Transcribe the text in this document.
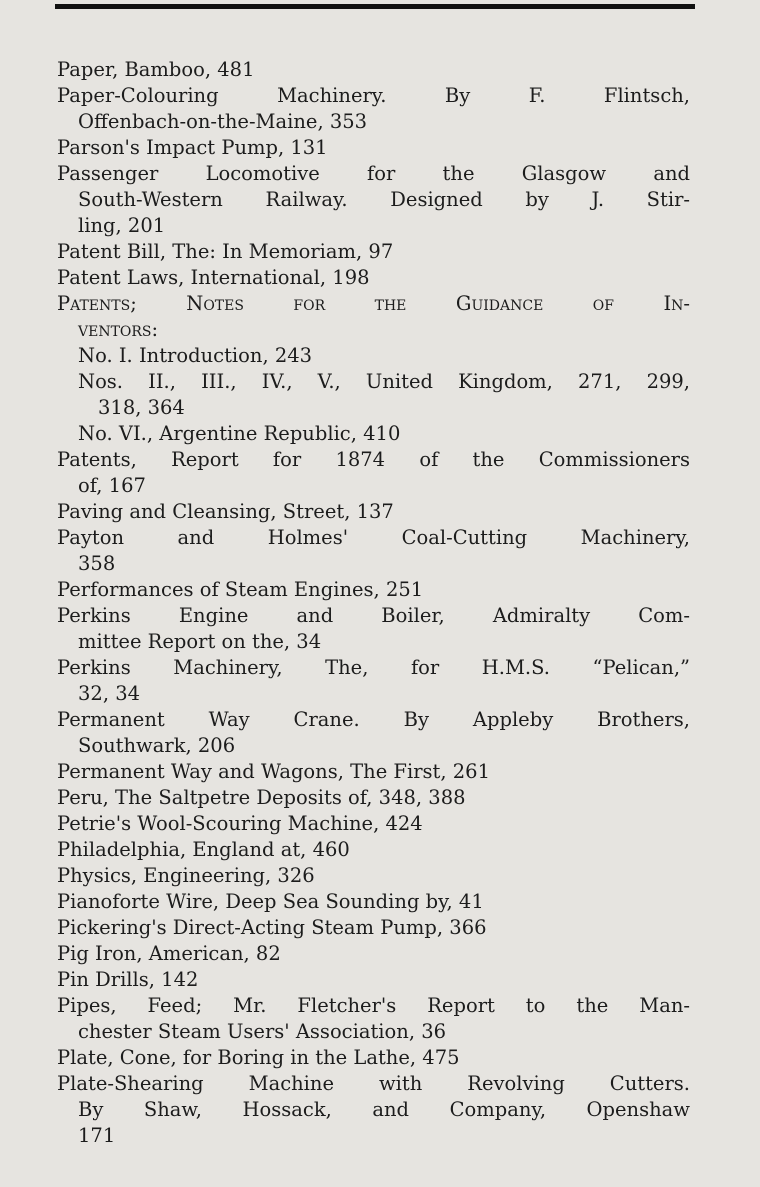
Paper, Bamboo, 481
Paper-Colouring Machinery. By F. Flintsch,
Offenbach-on-the-Maine, 353
Parson's Impact Pump, 131
Passenger Locomotive for the Glasgow and
South-Western Railway. Designed by J. Stir-
ling, 201
Patent Bill, The: In Memoriam, 97
Patent Laws, International, 198
Patents; Notes for the Guidance of In-
ventors:
No. I. Introduction, 243
Nos. II., III., IV., V., United Kingdom, 271, 299,
318, 364
No. VI., Argentine Republic, 410
Patents, Report for 1874 of the Commissioners
of, 167
Paving and Cleansing, Street, 137
Payton and Holmes' Coal-Cutting Machinery,
358
Performances of Steam Engines, 251
Perkins Engine and Boiler, Admiralty Com-
mittee Report on the, 34
Perkins Machinery, The, for H.M.S. “Pelican,”
32, 34
Permanent Way Crane. By Appleby Brothers,
Southwark, 206
Permanent Way and Wagons, The First, 261
Peru, The Saltpetre Deposits of, 348, 388
Petrie's Wool-Scouring Machine, 424
Philadelphia, England at, 460
Physics, Engineering, 326
Pianoforte Wire, Deep Sea Sounding by, 41
Pickering's Direct-Acting Steam Pump, 366
Pig Iron, American, 82
Pin Drills, 142
Pipes, Feed; Mr. Fletcher's Report to the Man-
chester Steam Users' Association, 36
Plate, Cone, for Boring in the Lathe, 475
Plate-Shearing Machine with Revolving Cutters.
By Shaw, Hossack, and Company, Openshaw
171
